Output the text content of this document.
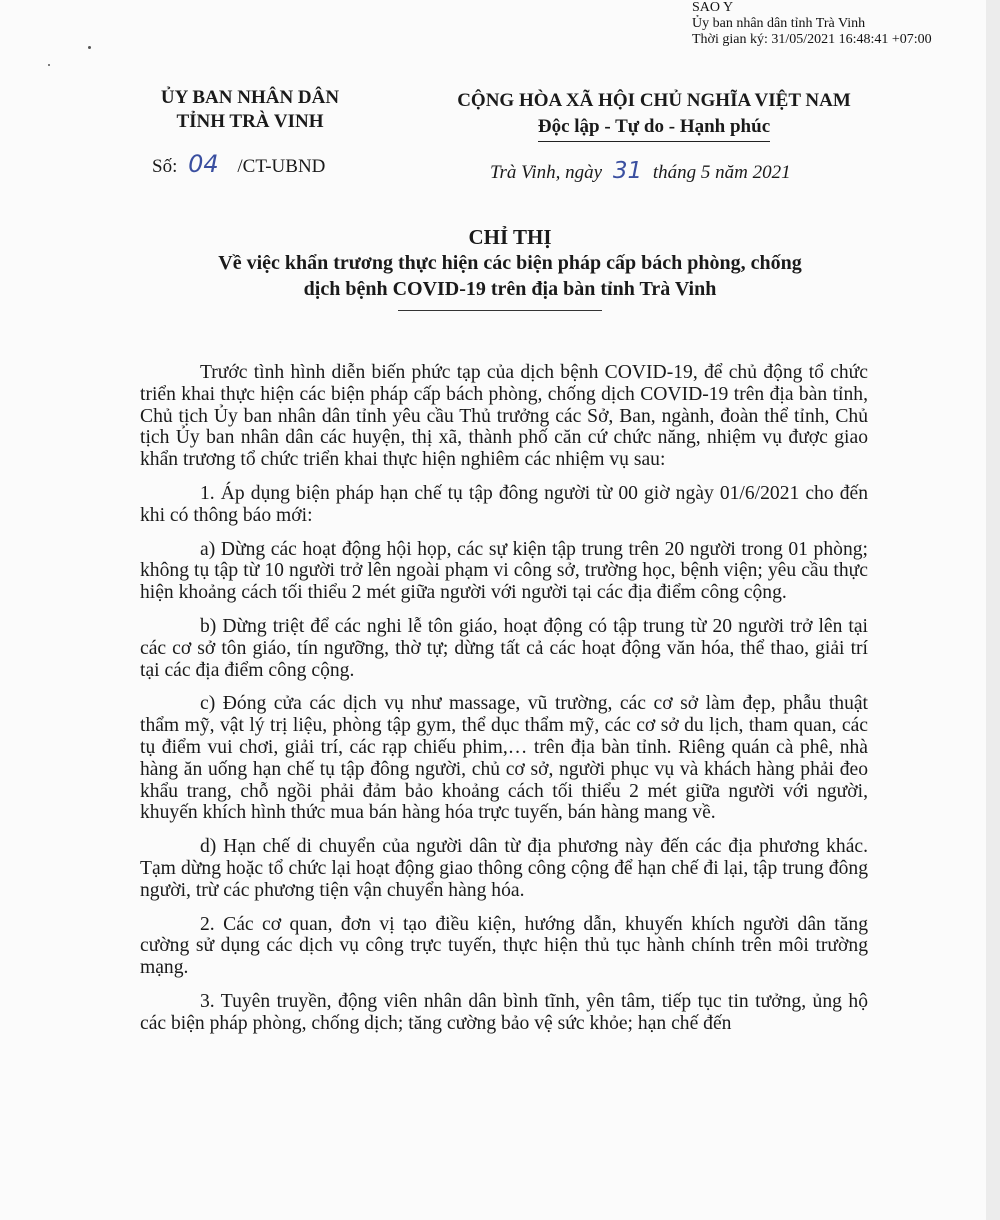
SAO Y
Ủy ban nhân dân tỉnh Trà Vinh
Thời gian ký: 31/05/2021 16:48:41 +07:00
ỦY BAN NHÂN DÂN
TỈNH TRÀ VINH
CỘNG HÒA XÃ HỘI CHỦ NGHĨA VIỆT NAM
Độc lập - Tự do - Hạnh phúc
Số: 04 /CT-UBND	Trà Vinh, ngày 31 tháng 5 năm 2021
CHỈ THỊ
Về việc khẩn trương thực hiện các biện pháp cấp bách phòng, chống
dịch bệnh COVID-19 trên địa bàn tỉnh Trà Vinh

Trước tình hình diễn biến phức tạp của dịch bệnh COVID-19, để chủ động tổ chức triển khai thực hiện các biện pháp cấp bách phòng, chống dịch COVID-19 trên địa bàn tỉnh, Chủ tịch Ủy ban nhân dân tỉnh yêu cầu Thủ trưởng các Sở, Ban, ngành, đoàn thể tỉnh, Chủ tịch Ủy ban nhân dân các huyện, thị xã, thành phố căn cứ chức năng, nhiệm vụ được giao khẩn trương tổ chức triển khai thực hiện nghiêm các nhiệm vụ sau:

1. Áp dụng biện pháp hạn chế tụ tập đông người từ 00 giờ ngày 01/6/2021 cho đến khi có thông báo mới:

a) Dừng các hoạt động hội họp, các sự kiện tập trung trên 20 người trong 01 phòng; không tụ tập từ 10 người trở lên ngoài phạm vi công sở, trường học, bệnh viện; yêu cầu thực hiện khoảng cách tối thiểu 2 mét giữa người với người tại các địa điểm công cộng.

b) Dừng triệt để các nghi lễ tôn giáo, hoạt động có tập trung từ 20 người trở lên tại các cơ sở tôn giáo, tín ngưỡng, thờ tự; dừng tất cả các hoạt động văn hóa, thể thao, giải trí tại các địa điểm công cộng.

c) Đóng cửa các dịch vụ như massage, vũ trường, các cơ sở làm đẹp, phẫu thuật thẩm mỹ, vật lý trị liệu, phòng tập gym, thể dục thẩm mỹ, các cơ sở du lịch, tham quan, các tụ điểm vui chơi, giải trí, các rạp chiếu phim,… trên địa bàn tỉnh. Riêng quán cà phê, nhà hàng ăn uống hạn chế tụ tập đông người, chủ cơ sở, người phục vụ và khách hàng phải đeo khẩu trang, chỗ ngồi phải đảm bảo khoảng cách tối thiểu 2 mét giữa người với người, khuyến khích hình thức mua bán hàng hóa trực tuyến, bán hàng mang về.

d) Hạn chế di chuyển của người dân từ địa phương này đến các địa phương khác. Tạm dừng hoặc tổ chức lại hoạt động giao thông công cộng để hạn chế đi lại, tập trung đông người, trừ các phương tiện vận chuyển hàng hóa.

2. Các cơ quan, đơn vị tạo điều kiện, hướng dẫn, khuyến khích người dân tăng cường sử dụng các dịch vụ công trực tuyến, thực hiện thủ tục hành chính trên môi trường mạng.

3. Tuyên truyền, động viên nhân dân bình tĩnh, yên tâm, tiếp tục tin tưởng, ủng hộ các biện pháp phòng, chống dịch; tăng cường bảo vệ sức khỏe; hạn chế đến
